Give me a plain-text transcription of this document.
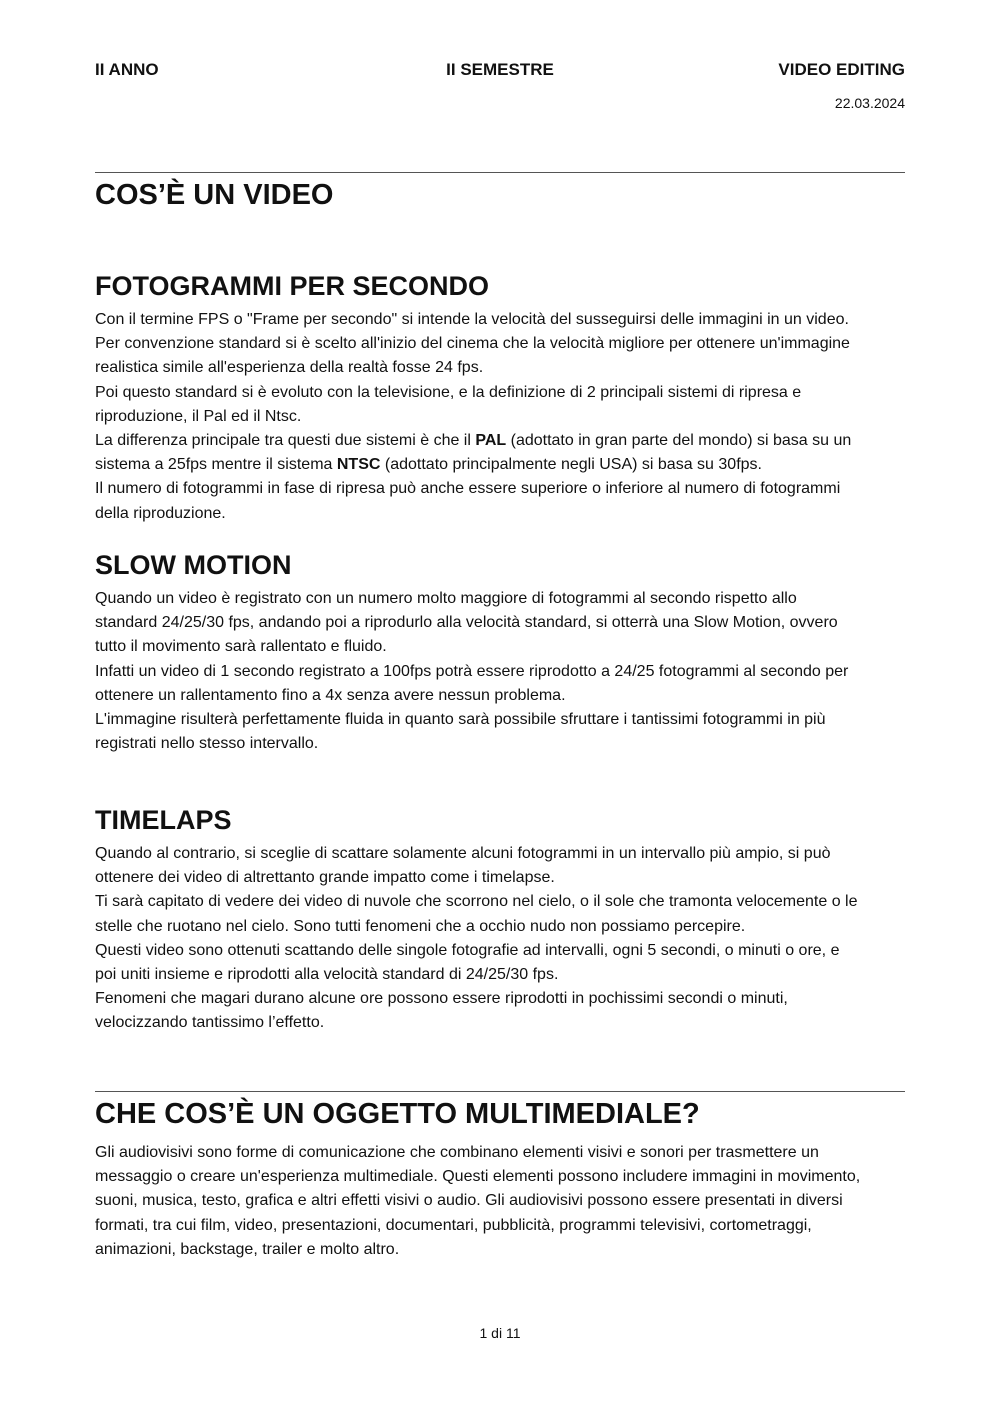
II ANNO	II SEMESTRE	VIDEO EDITING
22.03.2024
COS’È UN VIDEO
FOTOGRAMMI PER SECONDO

Con il termine FPS o "Frame per secondo" si intende la velocità del susseguirsi delle immagini in un video.
Per convenzione standard si è scelto all'inizio del cinema che la velocità migliore per ottenere un'immagine
realistica simile all'esperienza della realtà fosse 24 fps.
Poi questo standard si è evoluto con la televisione, e la definizione di 2 principali sistemi di ripresa e
riproduzione, il Pal ed il Ntsc.
La differenza principale tra questi due sistemi è che il PAL (adottato in gran parte del mondo) si basa su un
sistema a 25fps mentre il sistema NTSC (adottato principalmente negli USA) si basa su 30fps.
Il numero di fotogrammi in fase di ripresa può anche essere superiore o inferiore al numero di fotogrammi
della riproduzione.

SLOW MOTION

Quando un video è registrato con un numero molto maggiore di fotogrammi al secondo rispetto allo
standard 24/25/30 fps, andando poi a riprodurlo alla velocità standard, si otterrà una Slow Motion, ovvero
tutto il movimento sarà rallentato e fluido.
Infatti un video di 1 secondo registrato a 100fps potrà essere riprodotto a 24/25 fotogrammi al secondo per
ottenere un rallentamento fino a 4x senza avere nessun problema.
L'immagine risulterà perfettamente fluida in quanto sarà possibile sfruttare i tantissimi fotogrammi in più
registrati nello stesso intervallo.

TIMELAPS

Quando al contrario, si sceglie di scattare solamente alcuni fotogrammi in un intervallo più ampio, si può
ottenere dei video di altrettanto grande impatto come i timelapse.
Ti sarà capitato di vedere dei video di nuvole che scorrono nel cielo, o il sole che tramonta velocemente o le
stelle che ruotano nel cielo. Sono tutti fenomeni che a occhio nudo non possiamo percepire.
Questi video sono ottenuti scattando delle singole fotografie ad intervalli, ogni 5 secondi, o minuti o ore, e
poi uniti insieme e riprodotti alla velocità standard di 24/25/30 fps.
Fenomeni che magari durano alcune ore possono essere riprodotti in pochissimi secondi o minuti,
velocizzando tantissimo l’effetto.

CHE COS’È UN OGGETTO MULTIMEDIALE?

Gli audiovisivi sono forme di comunicazione che combinano elementi visivi e sonori per trasmettere un
messaggio o creare un'esperienza multimediale. Questi elementi possono includere immagini in movimento,
suoni, musica, testo, grafica e altri effetti visivi o audio. Gli audiovisivi possono essere presentati in diversi
formati, tra cui film, video, presentazioni, documentari, pubblicità, programmi televisivi, cortometraggi,
animazioni, backstage, trailer e molto altro.

1 di 11
